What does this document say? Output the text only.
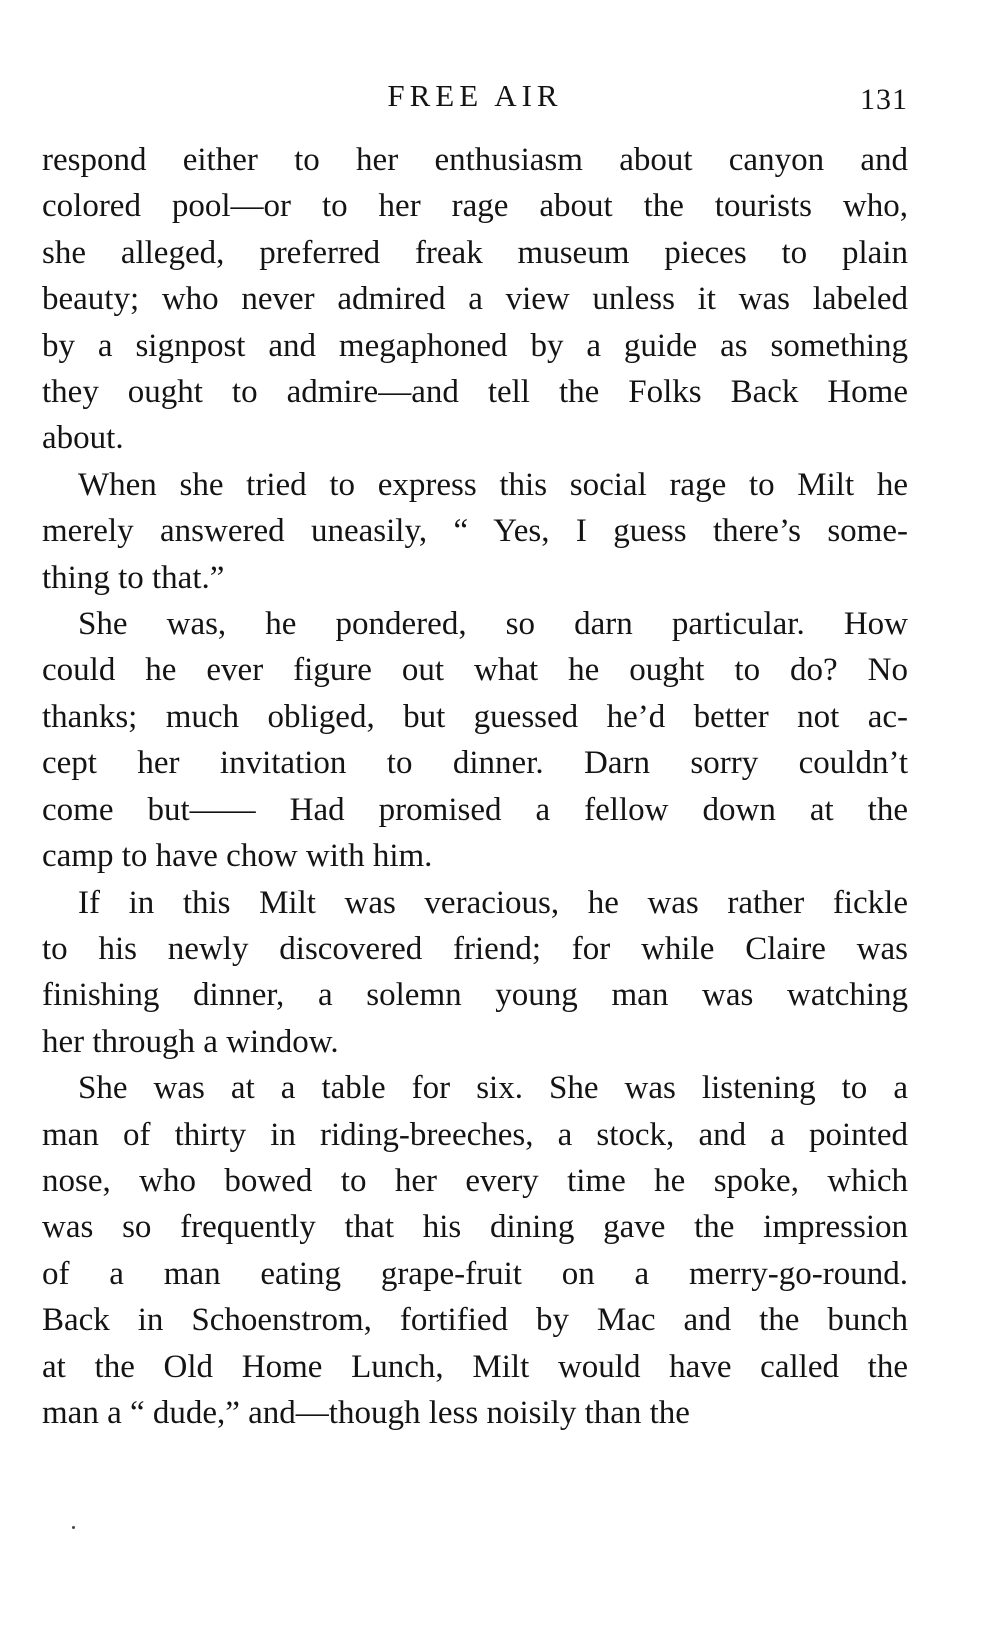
FREE AIR	131

respond either to her enthusiasm about canyon and
colored pool—or to her rage about the tourists who,
she alleged, preferred freak museum pieces to plain
beauty; who never admired a view unless it was labeled
by a signpost and megaphoned by a guide as something
they ought to admire—and tell the Folks Back Home
about.

When she tried to express this social rage to Milt he
merely answered uneasily, “ Yes, I guess there’s some-
thing to that.”

She was, he pondered, so darn particular. How
could he ever figure out what he ought to do? No
thanks; much obliged, but guessed he’d better not ac-
cept her invitation to dinner. Darn sorry couldn’t
come but—— Had promised a fellow down at the
camp to have chow with him.

If in this Milt was veracious, he was rather fickle
to his newly discovered friend; for while Claire was
finishing dinner, a solemn young man was watching
her through a window.

She was at a table for six. She was listening to a
man of thirty in riding-breeches, a stock, and a pointed
nose, who bowed to her every time he spoke, which
was so frequently that his dining gave the impression
of a man eating grape-fruit on a merry-go-round.
Back in Schoenstrom, fortified by Mac and the bunch
at the Old Home Lunch, Milt would have called the
man a “ dude,” and—though less noisily than the
